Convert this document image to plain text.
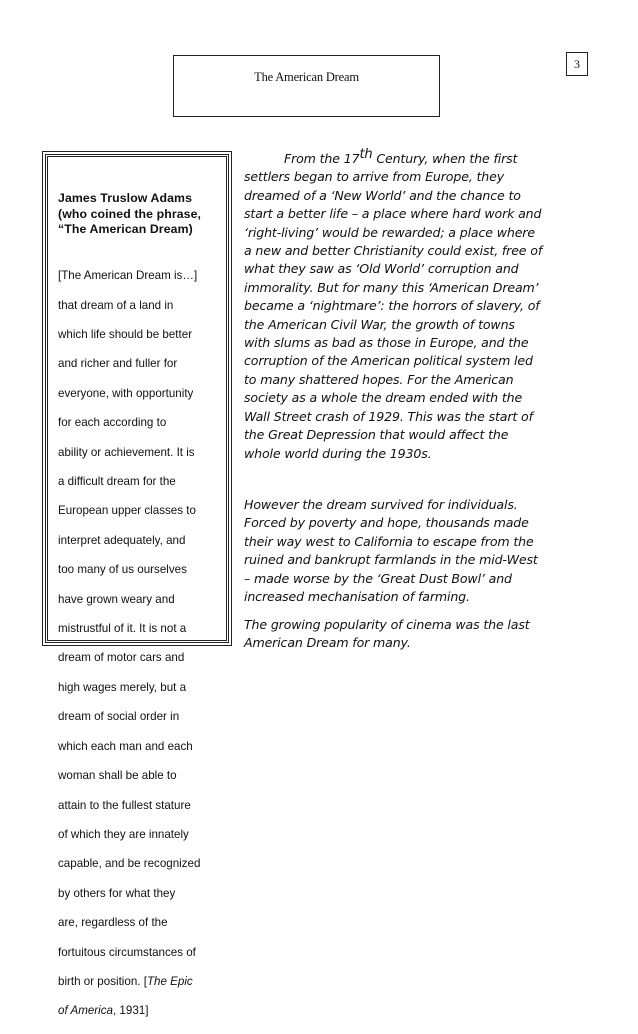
3
The American Dream

James Truslow Adams
(who coined the phrase,
“The American Dream)

[The American Dream is…]

that dream of a land in

which life should be better

and richer and fuller for

everyone, with opportunity

for each according to

ability or achievement. It is

a difficult dream for the

European upper classes to

interpret adequately, and

too many of us ourselves

have grown weary and

mistrustful of it. It is not a

dream of motor cars and

high wages merely, but a

dream of social order in

which each man and each

woman shall be able to

attain to the fullest stature

of which they are innately

capable, and be recognized

by others for what they

are, regardless of the

fortuitous circumstances of

birth or position. [The Epic

of America, 1931]

From the 17th Century, when the first
settlers began to arrive from Europe, they
dreamed of a ‘New World’ and the chance to
start a better life – a place where hard work and
‘right-living’ would be rewarded; a place where
a new and better Christianity could exist, free of
what they saw as ‘Old World’ corruption and
immorality. But for many this ‘American Dream’
became a ‘nightmare’: the horrors of slavery, of
the American Civil War, the growth of towns
with slums as bad as those in Europe, and the
corruption of the American political system led
to many shattered hopes. For the American
society as a whole the dream ended with the
Wall Street crash of 1929. This was the start of
the Great Depression that would affect the
whole world during the 1930s.

However the dream survived for individuals.
Forced by poverty and hope, thousands made
their way west to California to escape from the
ruined and bankrupt farmlands in the mid-West
– made worse by the ‘Great Dust Bowl’ and
increased mechanisation of farming.

The growing popularity of cinema was the last
American Dream for many.
